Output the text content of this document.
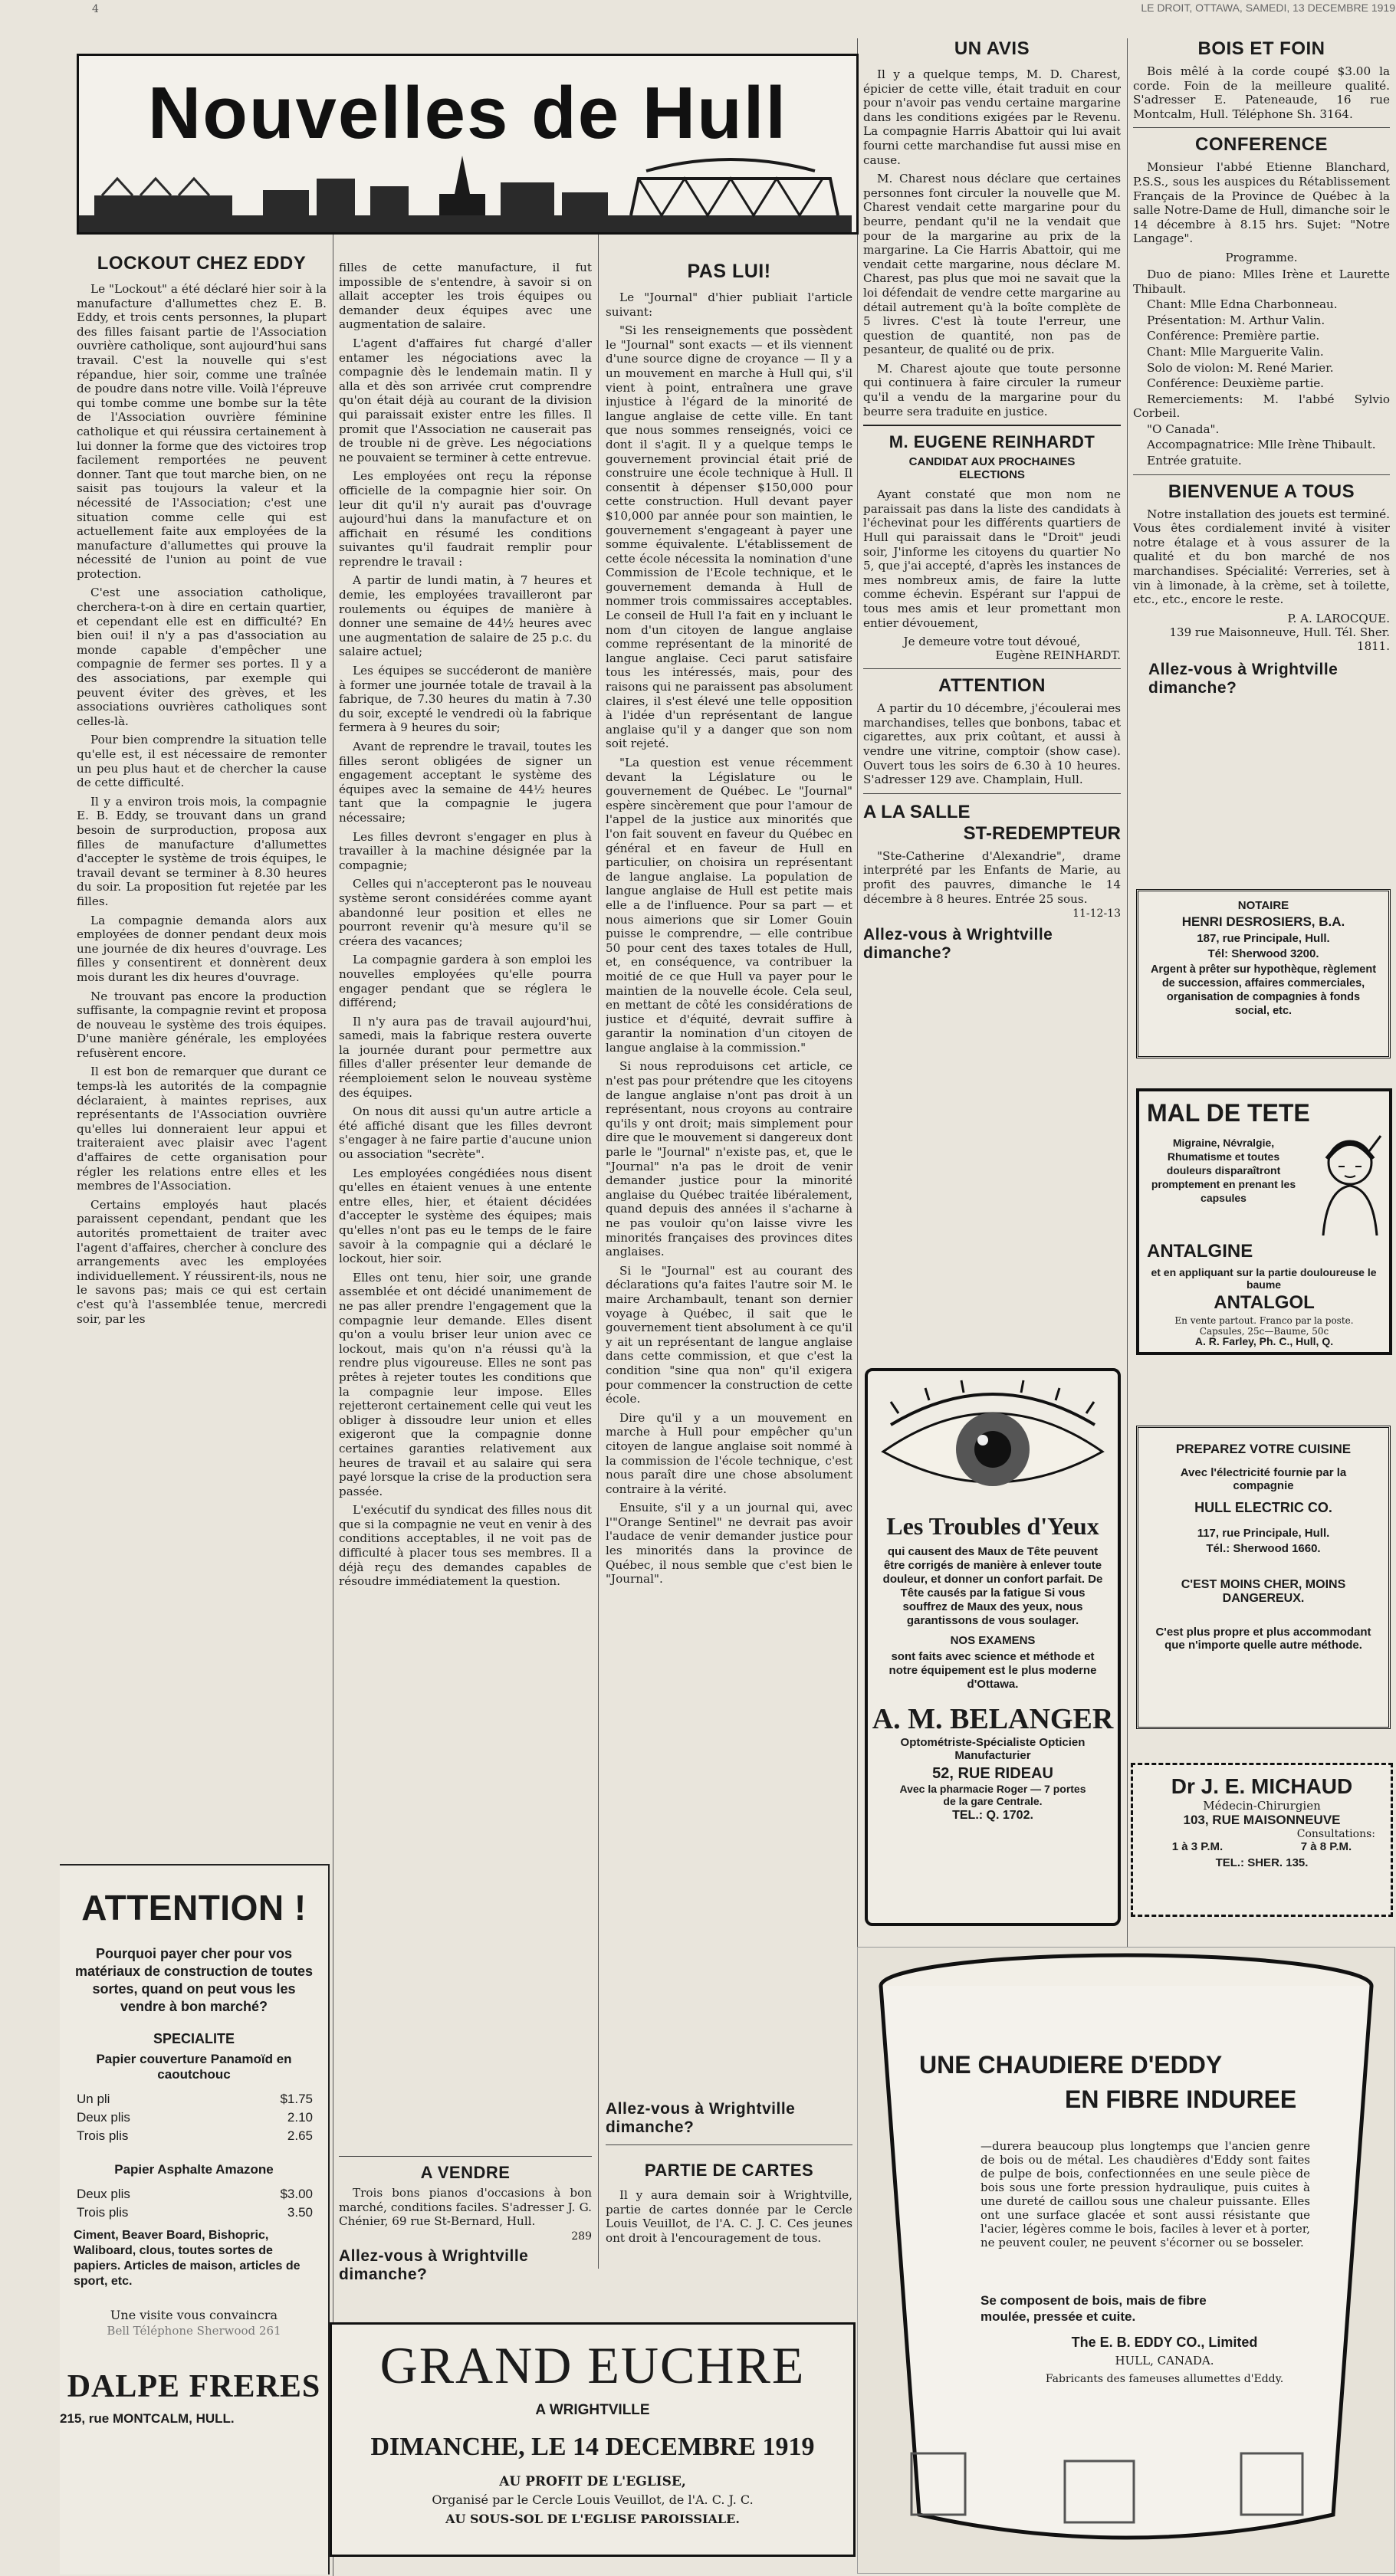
LE DROIT, OTTAWA, SAMEDI, 13 DECEMBRE 1919
4
Nouvelles de Hull
LOCKOUT CHEZ EDDY

Le "Lockout" a été déclaré hier soir à la manufacture d'allumettes chez E. B. Eddy, et trois cents personnes, la plupart des filles faisant partie de l'Association ouvrière catholique, sont aujourd'hui sans travail. C'est la nouvelle qui s'est répandue, hier soir, comme une traînée de poudre dans notre ville. Voilà l'épreuve qui tombe comme une bombe sur la tête de l'Association ouvrière féminine catholique et qui réussira certainement à lui donner la forme que des victoires trop facilement remportées ne peuvent donner. Tant que tout marche bien, on ne saisit pas toujours la valeur et la nécessité de l'Association; c'est une situation comme celle qui est actuellement faite aux employées de la manufacture d'allumettes qui prouve la nécessité de l'union au point de vue protection.

C'est une association catholique, cherchera-t-on à dire en certain quartier, et cependant elle est en difficulté? En bien oui! il n'y a pas d'association au monde capable d'empêcher une compagnie de fermer ses portes. Il y a des associations, par exemple qui peuvent éviter des grèves, et les associations ouvrières catholiques sont celles-là.

Pour bien comprendre la situation telle qu'elle est, il est nécessaire de remonter un peu plus haut et de chercher la cause de cette difficulté.

Il y a environ trois mois, la compagnie E. B. Eddy, se trouvant dans un grand besoin de surproduction, proposa aux filles de manufacture d'allumettes d'accepter le système de trois équipes, le travail devant se terminer à 8.30 heures du soir. La proposition fut rejetée par les filles.

La compagnie demanda alors aux employées de donner pendant deux mois une journée de dix heures d'ouvrage. Les filles y consentirent et donnèrent deux mois durant les dix heures d'ouvrage.

Ne trouvant pas encore la production suffisante, la compagnie revint et proposa de nouveau le système des trois équipes. D'une manière générale, les employées refusèrent encore.

Il est bon de remarquer que durant ce temps-là les autorités de la compagnie déclaraient, à maintes reprises, aux représentants de l'Association ouvrière qu'elles lui donneraient leur appui et traiteraient avec plaisir avec l'agent d'affaires de cette organisation pour régler les relations entre elles et les membres de l'Association.

Certains employés haut placés paraissent cependant, pendant que les autorités promettaient de traiter avec l'agent d'affaires, chercher à conclure des arrangements avec les employées individuellement. Y réussirent-ils, nous ne le savons pas; mais ce qui est certain c'est qu'à l'assemblée tenue, mercredi soir, par les

filles de cette manufacture, il fut impossible de s'entendre, à savoir si on allait accepter les trois équipes ou demander deux équipes avec une augmentation de salaire.

L'agent d'affaires fut chargé d'aller entamer les négociations avec la compagnie dès le lendemain matin. Il y alla et dès son arrivée crut comprendre qu'on était déjà au courant de la division qui paraissait exister entre les filles. Il promit que l'Association ne causerait pas de trouble ni de grève. Les négociations ne pouvaient se terminer à cette entrevue.

Les employées ont reçu la réponse officielle de la compagnie hier soir. On leur dit qu'il n'y aurait pas d'ouvrage aujourd'hui dans la manufacture et on affichait en résumé les conditions suivantes qu'il faudrait remplir pour reprendre le travail :

A partir de lundi matin, à 7 heures et demie, les employées travailleront par roulements ou équipes de manière à donner une semaine de 44½ heures avec une augmentation de salaire de 25 p.c. du salaire actuel;

Les équipes se succéderont de manière à former une journée totale de travail à la fabrique, de 7.30 heures du matin à 7.30 du soir, excepté le vendredi où la fabrique fermera à 9 heures du soir;

Avant de reprendre le travail, toutes les filles seront obligées de signer un engagement acceptant le système des équipes avec la semaine de 44½ heures tant que la compagnie le jugera nécessaire;

Les filles devront s'engager en plus à travailler à la machine désignée par la compagnie;

Celles qui n'accepteront pas le nouveau système seront considérées comme ayant abandonné leur position et elles ne pourront revenir qu'à mesure qu'il se créera des vacances;

La compagnie gardera à son emploi les nouvelles employées qu'elle pourra engager pendant que se réglera le différend;

Il n'y aura pas de travail aujourd'hui, samedi, mais la fabrique restera ouverte la journée durant pour permettre aux filles d'aller présenter leur demande de réemploiement selon le nouveau système des équipes.

On nous dit aussi qu'un autre article a été affiché disant que les filles devront s'engager à ne faire partie d'aucune union ou association "secrète".

Les employées congédiées nous disent qu'elles en étaient venues à une entente entre elles, hier, et étaient décidées d'accepter le système des équipes; mais qu'elles n'ont pas eu le temps de le faire savoir à la compagnie qui a déclaré le lockout, hier soir.

Elles ont tenu, hier soir, une grande assemblée et ont décidé unanimement de ne pas aller prendre l'engagement que la compagnie leur demande. Elles disent qu'on a voulu briser leur union avec ce lockout, mais qu'on n'a réussi qu'à la rendre plus vigoureuse. Elles ne sont pas prêtes à rejeter toutes les conditions que la compagnie leur impose. Elles rejetteront certainement celle qui veut les obliger à dissoudre leur union et elles exigeront que la compagnie donne certaines garanties relativement aux heures de travail et au salaire qui sera payé lorsque la crise de la production sera passée.

L'exécutif du syndicat des filles nous dit que si la compagnie ne veut en venir à des conditions acceptables, il ne voit pas de difficulté à placer tous ses membres. Il a déjà reçu des demandes capables de résoudre immédiatement la question.

A VENDRE

Trois bons pianos d'occasions à bon marché, conditions faciles. S'adresser J. G. Chénier, 69 rue St-Bernard, Hull.

289
Allez-vous à Wrightville dimanche?
ATTENTION !
Pourquoi payer cher pour vos matériaux de construction de toutes sortes, quand on peut vous les vendre à bon marché?
SPECIALITE
Papier couverture Panamoïd en caoutchouc
Un pli	$1.75
Deux plis	2.10
Trois plis	2.65
Papier Asphalte Amazone
Deux plis	$3.00
Trois plis	3.50
Ciment, Beaver Board, Bishopric, Waliboard, clous, toutes sortes de papiers. Articles de maison, articles de sport, etc.
Une visite vous convaincra
Bell Téléphone Sherwood 261
DALPE FRERES
215, rue MONTCALM, HULL.
PAS LUI!

Le "Journal" d'hier publiait l'article suivant:

"Si les renseignements que possèdent le "Journal" sont exacts — et ils viennent d'une source digne de croyance — Il y a un mouvement en marche à Hull qui, s'il vient à point, entraînera une grave injustice à l'égard de la minorité de langue anglaise de cette ville. En tant que nous sommes renseignés, voici ce dont il s'agit. Il y a quelque temps le gouvernement provincial était prié de construire une école technique à Hull. Il consentit à dépenser $150,000 pour cette construction. Hull devant payer $10,000 par année pour son maintien, le gouvernement s'engageant à payer une somme équivalente. L'établissement de cette école nécessita la nomination d'une Commission de l'Ecole technique, et le gouvernement demanda à Hull de nommer trois commissaires acceptables. Le conseil de Hull l'a fait en y incluant le nom d'un citoyen de langue anglaise comme représentant de la minorité de langue anglaise. Ceci parut satisfaire tous les intéressés, mais, pour des raisons qui ne paraissent pas absolument claires, il s'est élevé une telle opposition à l'idée d'un représentant de langue anglaise qu'il y a danger que son nom soit rejeté.

"La question est venue récemment devant la Législature ou le gouvernement de Québec. Le "Journal" espère sincèrement que pour l'amour de l'appel de la justice aux minorités que l'on fait souvent en faveur du Québec en général et en faveur de Hull en particulier, on choisira un représentant de langue anglaise. La population de langue anglaise de Hull est petite mais elle a de l'influence. Pour sa part — et nous aimerions que sir Lomer Gouin puisse le comprendre, — elle contribue 50 pour cent des taxes totales de Hull, et, en conséquence, va contribuer la moitié de ce que Hull va payer pour le maintien de la nouvelle école. Cela seul, en mettant de côté les considérations de justice et d'équité, devrait suffire à garantir la nomination d'un citoyen de langue anglaise à la commission."

Si nous reproduisons cet article, ce n'est pas pour prétendre que les citoyens de langue anglaise n'ont pas droit à un représentant, nous croyons au contraire qu'ils y ont droit; mais simplement pour dire que le mouvement si dangereux dont parle le "Journal" n'existe pas, et, que le "Journal" n'a pas le droit de venir demander justice pour la minorité anglaise du Québec traitée libéralement, quand depuis des années il s'acharne à ne pas vouloir qu'on laisse vivre les minorités françaises des provinces dites anglaises.

Si le "Journal" est au courant des déclarations qu'a faites l'autre soir M. le maire Archambault, tenant son dernier voyage à Québec, il sait que le gouvernement tient absolument à ce qu'il y ait un représentant de langue anglaise dans cette commission, et que c'est la condition "sine qua non" qu'il exigera pour commencer la construction de cette école.

Dire qu'il y a un mouvement en marche à Hull pour empêcher qu'un citoyen de langue anglaise soit nommé à la commission de l'école technique, c'est nous paraît dire une chose absolument contraire à la vérité.

Ensuite, s'il y a un journal qui, avec l'"Orange Sentinel" ne devrait pas avoir l'audace de venir demander justice pour les minorités dans la province de Québec, il nous semble que c'est bien le "Journal".

Allez-vous à Wrightville dimanche?
PARTIE DE CARTES

Il y aura demain soir à Wrightville, partie de cartes donnée par le Cercle Louis Veuillot, de l'A. C. J. C. Ces jeunes ont droit à l'encouragement de tous.

GRAND EUCHRE
A WRIGHTVILLE
DIMANCHE, LE 14 DECEMBRE 1919
AU PROFIT DE L'EGLISE,
Organisé par le Cercle Louis Veuillot, de l'A. C. J. C.
AU SOUS-SOL DE L'EGLISE PAROISSIALE.
UN AVIS

Il y a quelque temps, M. D. Charest, épicier de cette ville, était traduit en cour pour n'avoir pas vendu certaine margarine dans les conditions exigées par le Revenu. La compagnie Harris Abattoir qui lui avait fourni cette marchandise fut aussi mise en cause.

M. Charest nous déclare que certaines personnes font circuler la nouvelle que M. Charest vendait cette margarine pour du beurre, pendant qu'il ne la vendait que pour de la margarine au prix de la margarine. La Cie Harris Abattoir, qui me vendait cette margarine, nous déclare M. Charest, pas plus que moi ne savait que la loi défendait de vendre cette margarine au détail autrement qu'à la boîte complète de 5 livres. C'est là toute l'erreur, une question de quantité, non pas de pesanteur, de qualité ou de prix.

M. Charest ajoute que toute personne qui continuera à faire circuler la rumeur qu'il a vendu de la margarine pour du beurre sera traduite en justice.

M. EUGENE REINHARDT
CANDIDAT AUX PROCHAINES ELECTIONS

Ayant constaté que mon nom ne paraissait pas dans la liste des candidats à l'échevinat pour les différents quartiers de Hull qui paraissait dans le "Droit" jeudi soir, J'informe les citoyens du quartier No 5, que j'ai accepté, d'après les instances de mes nombreux amis, de faire la lutte comme échevin. Espérant sur l'appui de tous mes amis et leur promettant mon entier dévouement,

Je demeure votre tout dévoué,
Eugène REINHARDT.
ATTENTION

A partir du 10 décembre, j'écoulerai mes marchandises, telles que bonbons, tabac et cigarettes, aux prix coûtant, et aussi à vendre une vitrine, comptoir (show case). Ouvert tous les soirs de 6.30 à 10 heures. S'adresser 129 ave. Champlain, Hull.

A LA SALLE
ST-REDEMPTEUR

"Ste-Catherine d'Alexandrie", drame interprété par les Enfants de Marie, au profit des pauvres, dimanche le 14 décembre à 8 heures. Entrée 25 sous.

11-12-13
Allez-vous à Wrightville dimanche?
Les Troubles d'Yeux
qui causent des Maux de Tête peuvent être corrigés de manière à enlever toute douleur, et donner un confort parfait. De Tête causés par la fatigue Si vous souffrez de Maux des yeux, nous garantissons de vous soulager.
NOS EXAMENS
sont faits avec science et méthode et notre équipement est le plus moderne d'Ottawa.
A. M. BELANGER
Optométriste-Spécialiste Opticien Manufacturier
52, RUE RIDEAU
Avec la pharmacie Roger — 7 portes de la gare Centrale.
TEL.: Q. 1702.
BOIS ET FOIN

Bois mêlé à la corde coupé $3.00 la corde. Foin de la meilleure qualité. S'adresser E. Pateneaude, 16 rue Montcalm, Hull. Téléphone Sh. 3164.

CONFERENCE

Monsieur l'abbé Etienne Blanchard, P.S.S., sous les auspices du Rétablissement Français de la Province de Québec à la salle Notre-Dame de Hull, dimanche soir le 14 décembre à 8.15 hrs. Sujet: "Notre Langage".

Programme.

Duo de piano: Mlles Irène et Laurette Thibault.

Chant: Mlle Edna Charbonneau.

Présentation: M. Arthur Valin.

Conférence: Première partie.

Chant: Mlle Marguerite Valin.

Solo de violon: M. René Marier.

Conférence: Deuxième partie.

Remerciements: M. l'abbé Sylvio Corbeil.

"O Canada".

Accompagnatrice: Mlle Irène Thibault.

Entrée gratuite.

BIENVENUE A TOUS

Notre installation des jouets est terminé. Vous êtes cordialement invité à visiter notre étalage et à vous assurer de la qualité et du bon marché de nos marchandises. Spécialité: Verreries, set à vin à limonade, à la crème, set à toilette, etc., etc., encore le reste.

P. A. LAROCQUE.
139 rue Maisonneuve, Hull. Tél. Sher. 1811.
Allez-vous à Wrightville dimanche?

NOTAIRE

HENRI DESROSIERS, B.A.

187, rue Principale, Hull.

Tél: Sherwood 3200.

Argent à prêter sur hypothèque, règlement de succession, affaires commerciales, organisation de compagnies à fonds social, etc.

MAL DE TETE
Migraine, Névralgie, Rhumatisme et toutes douleurs disparaîtront promptement en prenant les capsules
ANTALGINE
et en appliquant sur la partie douloureuse le baume
ANTALGOL
En vente partout. Franco par la poste.
Capsules, 25c—Baume, 50c
A. R. Farley, Ph. C., Hull, Q.

PREPAREZ VOTRE CUISINE

Avec l'électricité fournie par la compagnie

HULL ELECTRIC CO.

117, rue Principale, Hull.

Tél.: Sherwood 1660.

C'EST MOINS CHER, MOINS DANGEREUX.

C'est plus propre et plus accommodant que n'importe quelle autre méthode.

Dr J. E. MICHAUD
Médecin-Chirurgien
103, RUE MAISONNEUVE
Consultations:
1 à 3 P.M.	7 à 8 P.M.
TEL.: SHER. 135.
UNE CHAUDIERE D'EDDY
EN FIBRE INDUREE
—durera beaucoup plus longtemps que l'ancien genre de bois ou de métal. Les chaudières d'Eddy sont faites de pulpe de bois, confectionnées en une seule pièce de bois sous une forte pression hydraulique, puis cuites à une dureté de caillou sous une chaleur puissante. Elles ont une surface glacée et sont aussi résistante que l'acier, légères comme le bois, faciles à lever et à porter, ne peuvent couler, ne peuvent s'écorner ou se bosseler.
Se composent de bois, mais de fibre moulée, pressée et cuite.
The E. B. EDDY CO., Limited
HULL, CANADA.
Fabricants des fameuses allumettes d'Eddy.
